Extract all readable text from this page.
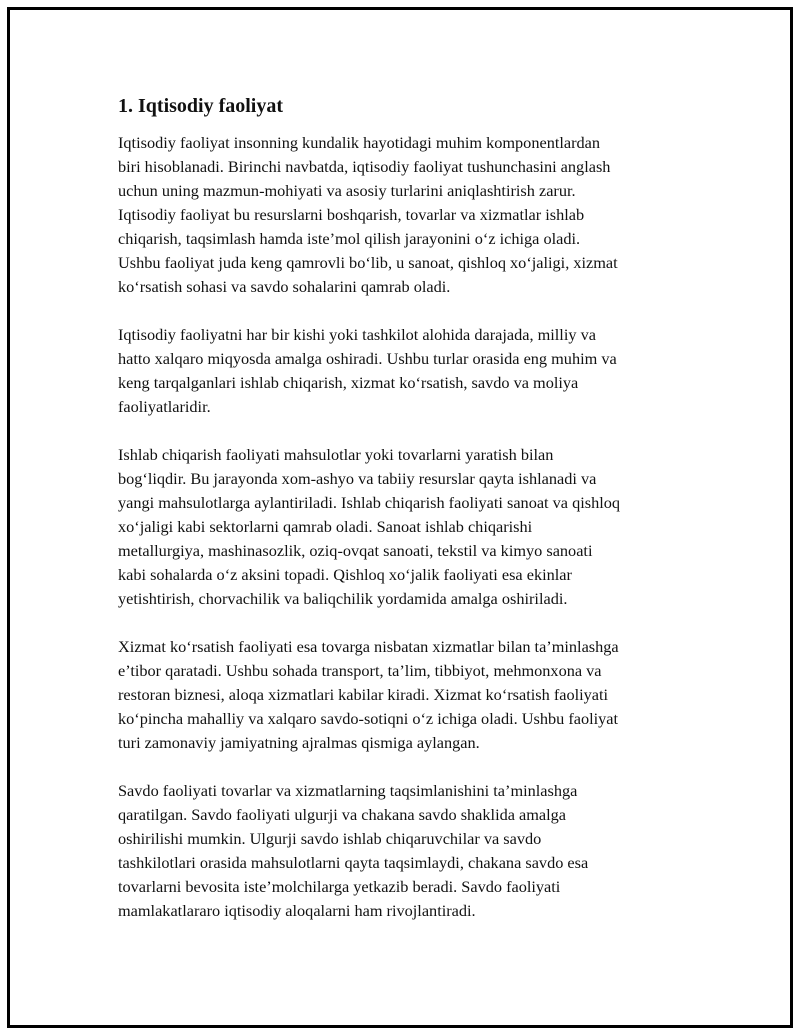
1. Iqtisodiy faoliyat

Iqtisodiy faoliyat insonning kundalik hayotidagi muhim komponentlardan
biri hisoblanadi. Birinchi navbatda, iqtisodiy faoliyat tushunchasini anglash
uchun uning mazmun-mohiyati va asosiy turlarini aniqlashtirish zarur.
Iqtisodiy faoliyat bu resurslarni boshqarish, tovarlar va xizmatlar ishlab
chiqarish, taqsimlash hamda iste’mol qilish jarayonini o‘z ichiga oladi.
Ushbu faoliyat juda keng qamrovli bo‘lib, u sanoat, qishloq xo‘jaligi, xizmat
ko‘rsatish sohasi va savdo sohalarini qamrab oladi.

Iqtisodiy faoliyatni har bir kishi yoki tashkilot alohida darajada, milliy va
hatto xalqaro miqyosda amalga oshiradi. Ushbu turlar orasida eng muhim va
keng tarqalganlari ishlab chiqarish, xizmat ko‘rsatish, savdo va moliya
faoliyatlaridir.

Ishlab chiqarish faoliyati mahsulotlar yoki tovarlarni yaratish bilan
bog‘liqdir. Bu jarayonda xom-ashyo va tabiiy resurslar qayta ishlanadi va
yangi mahsulotlarga aylantiriladi. Ishlab chiqarish faoliyati sanoat va qishloq
xo‘jaligi kabi sektorlarni qamrab oladi. Sanoat ishlab chiqarishi
metallurgiya, mashinasozlik, oziq-ovqat sanoati, tekstil va kimyo sanoati
kabi sohalarda o‘z aksini topadi. Qishloq xo‘jalik faoliyati esa ekinlar
yetishtirish, chorvachilik va baliqchilik yordamida amalga oshiriladi.

Xizmat ko‘rsatish faoliyati esa tovarga nisbatan xizmatlar bilan ta’minlashga
e’tibor qaratadi. Ushbu sohada transport, ta’lim, tibbiyot, mehmonxona va
restoran biznesi, aloqa xizmatlari kabilar kiradi. Xizmat ko‘rsatish faoliyati
ko‘pincha mahalliy va xalqaro savdo-sotiqni o‘z ichiga oladi. Ushbu faoliyat
turi zamonaviy jamiyatning ajralmas qismiga aylangan.

Savdo faoliyati tovarlar va xizmatlarning taqsimlanishini ta’minlashga
qaratilgan. Savdo faoliyati ulgurji va chakana savdo shaklida amalga
oshirilishi mumkin. Ulgurji savdo ishlab chiqaruvchilar va savdo
tashkilotlari orasida mahsulotlarni qayta taqsimlaydi, chakana savdo esa
tovarlarni bevosita iste’molchilarga yetkazib beradi. Savdo faoliyati
mamlakatlararo iqtisodiy aloqalarni ham rivojlantiradi.
